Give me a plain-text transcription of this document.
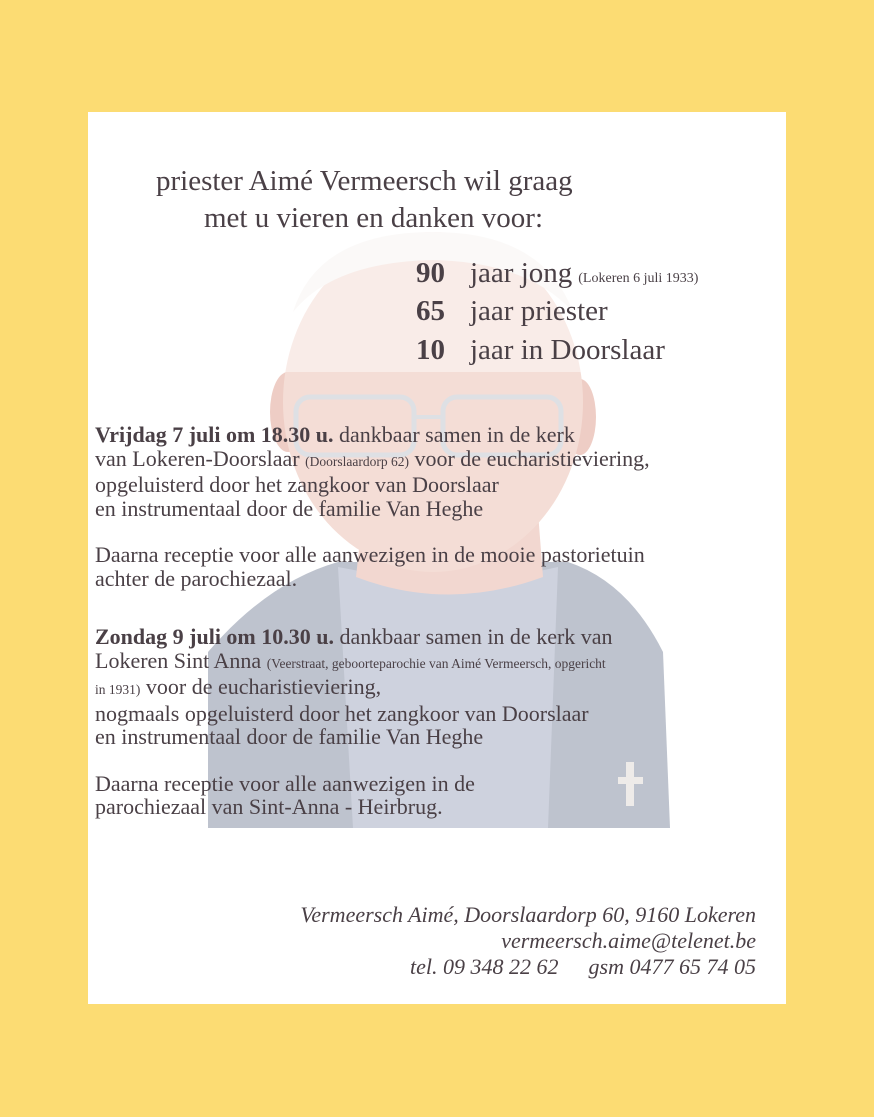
priester Aimé Vermeersch wil graag
met u vieren en danken voor:
90 jaar jong (Lokeren 6 juli 1933)
65 jaar priester
10 jaar in Doorslaar
Vrijdag 7 juli om 18.30 u. dankbaar samen in de kerk
van Lokeren-Doorslaar (Doorslaardorp 62) voor de eucharistieviering,
opgeluisterd door het zangkoor van Doorslaar
en instrumentaal door de familie Van Heghe
Daarna receptie voor alle aanwezigen in de mooie pastorietuin
achter de parochiezaal.
Zondag 9 juli om 10.30 u. dankbaar samen in de kerk van
Lokeren Sint Anna (Veerstraat, geboorteparochie van Aimé Vermeersch, opgericht
in 1931) voor de eucharistieviering,
nogmaals opgeluisterd door het zangkoor van Doorslaar
en instrumentaal door de familie Van Heghe
Daarna receptie voor alle aanwezigen in de
parochiezaal van Sint-Anna - Heirbrug.
Vermeersch Aimé, Doorslaardorp 60, 9160 Lokeren
vermeersch.aime@telenet.be
tel. 09 348 22 62 gsm 0477 65 74 05
